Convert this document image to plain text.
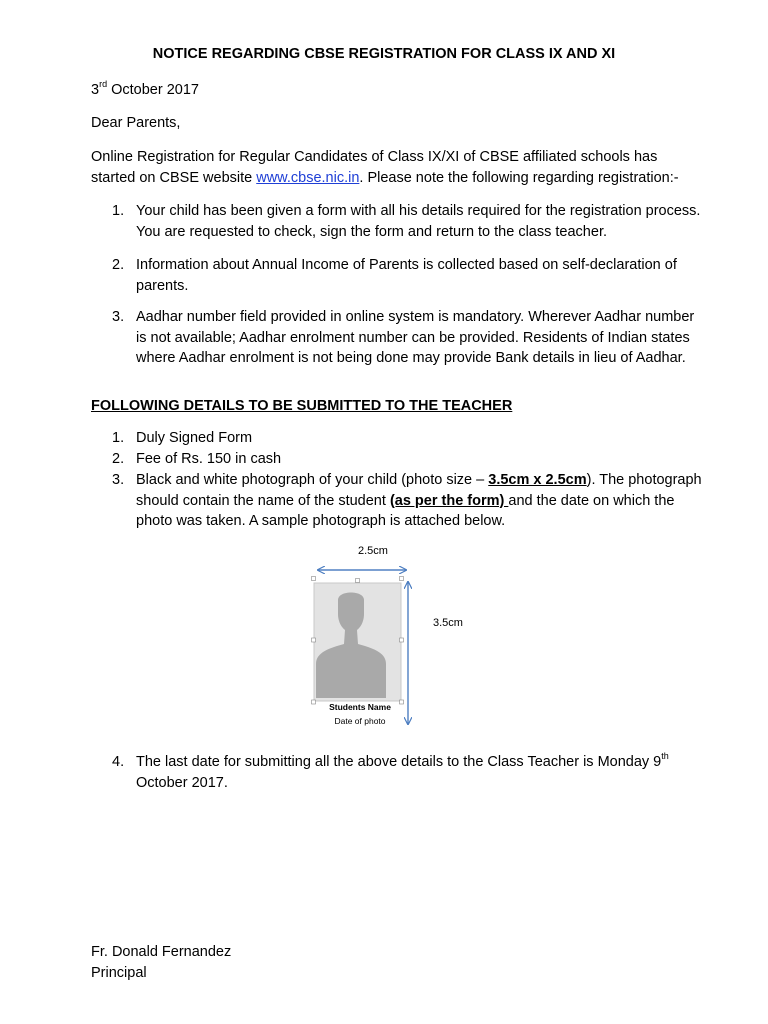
NOTICE REGARDING CBSE REGISTRATION FOR CLASS IX AND XI

3rd October 2017

Dear Parents,

Online Registration for Regular Candidates of Class IX/XI of CBSE affiliated schools has
started on CBSE website www.cbse.nic.in. Please note the following regarding registration:-
1. Your child has been given a form with all his details required for the registration process.
You are requested to check, sign the form and return to the class teacher.
2. Information about Annual Income of Parents is collected based on self-declaration of
parents.
3. Aadhar number field provided in online system is mandatory. Wherever Aadhar number
is not available; Aadhar enrolment number can be provided. Residents of Indian states
where Aadhar enrolment is not being done may provide Bank details in lieu of Aadhar.

FOLLOWING DETAILS TO BE SUBMITTED TO THE TEACHER

1. Duly Signed Form
2. Fee of Rs. 150 in cash
3. Black and white photograph of your child (photo size – 3.5cm x 2.5cm). The photograph
should contain the name of the student (as per the form) and the date on which the
photo was taken. A sample photograph is attached below.
2.5cm
3.5cm
Students Name
Date of photo
4. The last date for submitting all the above details to the Class Teacher is Monday 9th
October 2017.
Fr. Donald Fernandez
Principal
